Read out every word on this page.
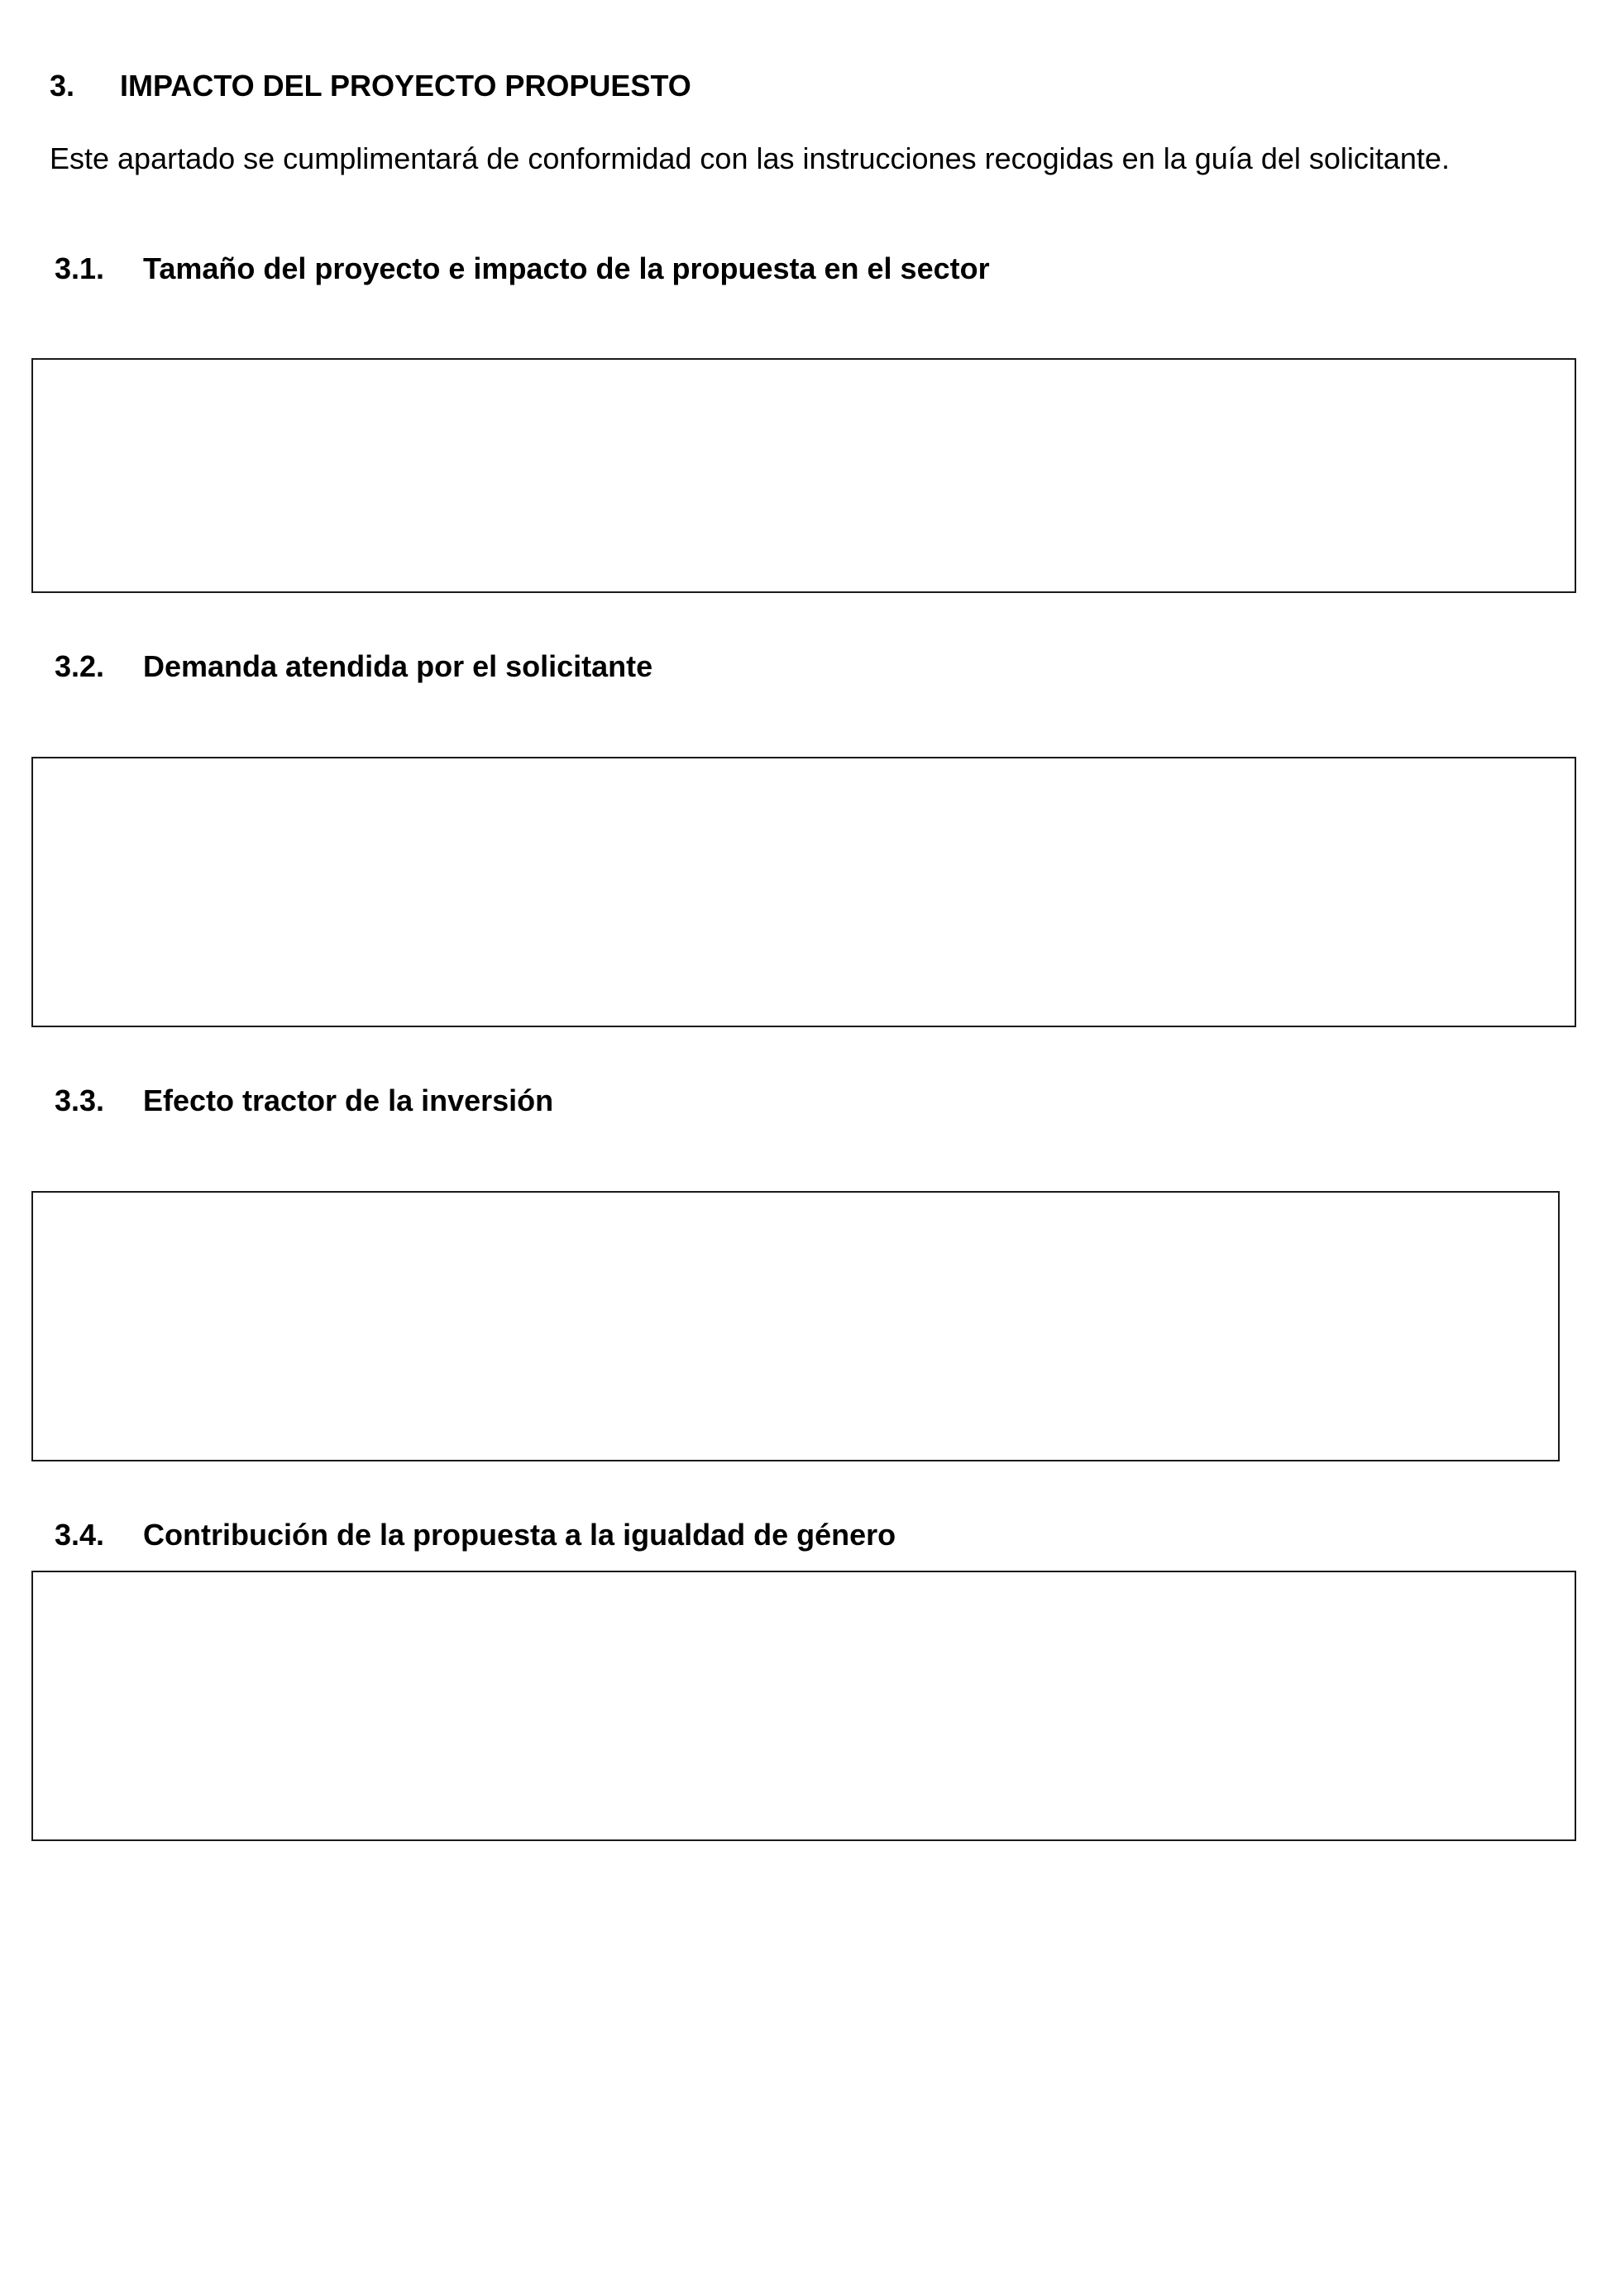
3. IMPACTO DEL PROYECTO PROPUESTO
Este apartado se cumplimentará de conformidad con las instrucciones recogidas en la guía del solicitante.
3.1. Tamaño del proyecto e impacto de la propuesta en el sector
3.2. Demanda atendida por el solicitante
3.3. Efecto tractor de la inversión
3.4. Contribución de la propuesta a la igualdad de género
